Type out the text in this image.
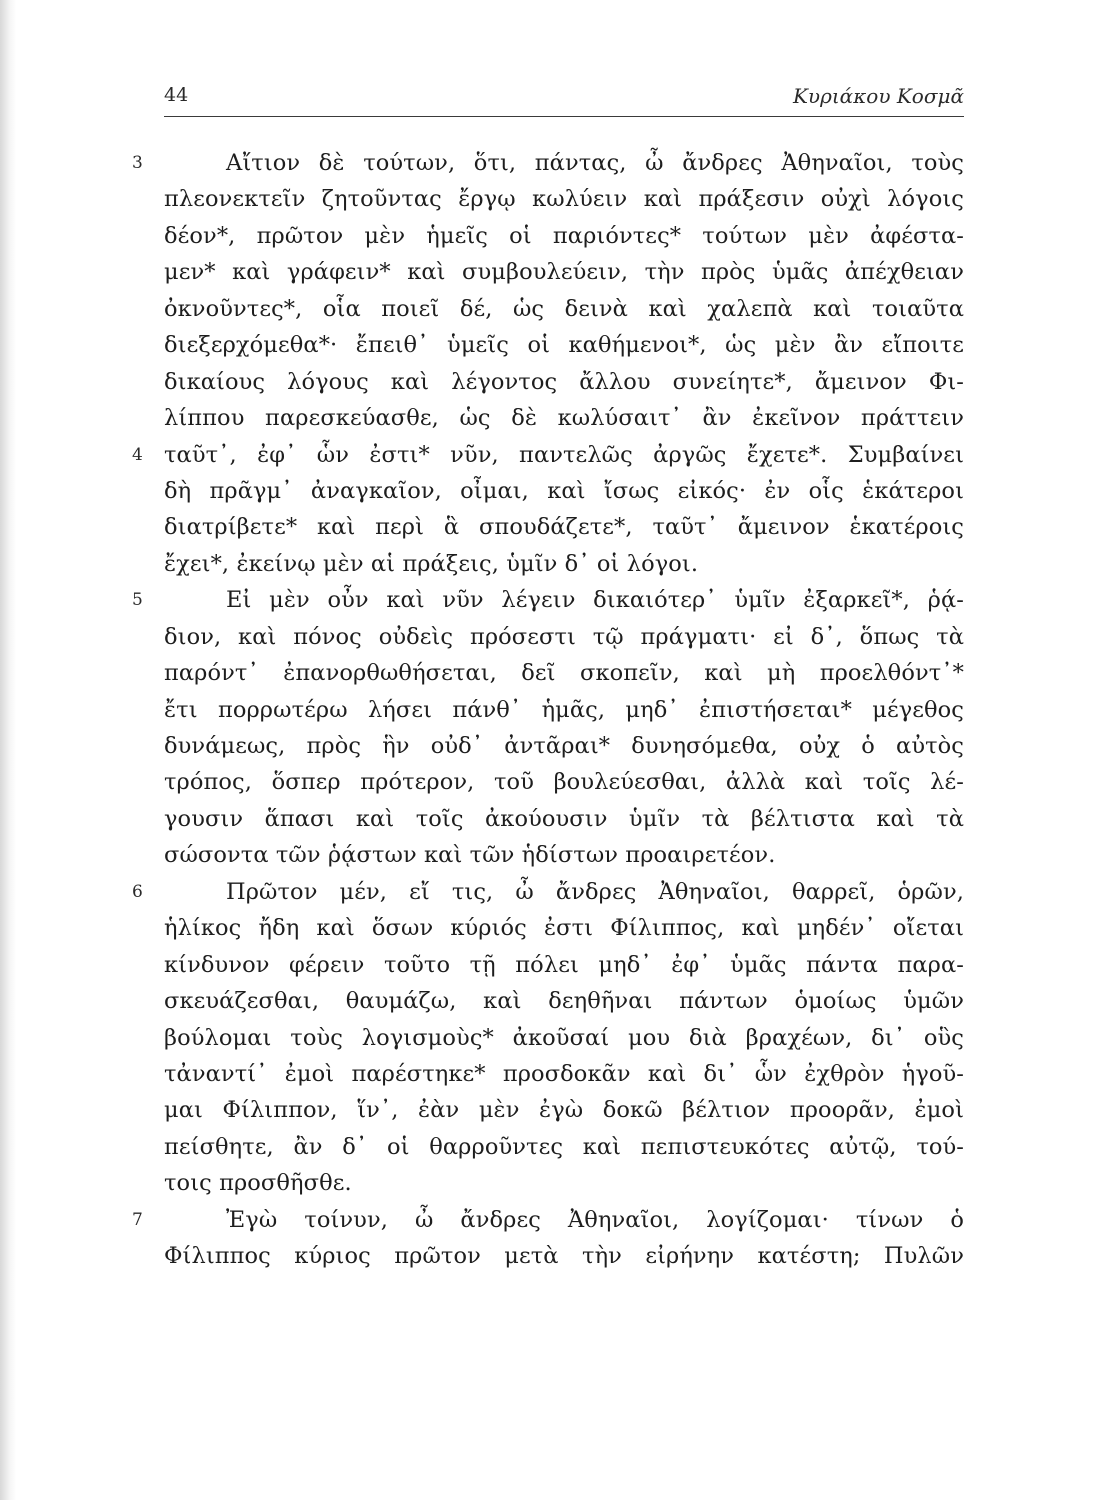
44	Κυριάκου Κοσμᾶ
3	Αἴτιον δὲ τούτων, ὅτι, πάντας, ὦ ἄνδρες Ἀθηναῖοι, τοὺς
πλεονεκτεῖν ζητοῦντας ἔργῳ κωλύειν καὶ πράξεσιν οὐχὶ λόγοις
δέον*, πρῶτον μὲν ἡμεῖς οἱ παριόντες* τούτων μὲν ἀφέστα-
μεν* καὶ γράφειν* καὶ συμβουλεύειν, τὴν πρὸς ὑμᾶς ἀπέχθειαν
ὀκνοῦντες*, οἷα ποιεῖ δέ, ὡς δεινὰ καὶ χαλεπὰ καὶ τοιαῦτα
διεξερχόμεθα*· ἔπειθ᾽ ὑμεῖς οἱ καθήμενοι*, ὡς μὲν ἂν εἴποιτε
δικαίους λόγους καὶ λέγοντος ἄλλου συνείητε*, ἄμεινον Φι-
λίππου παρεσκεύασθε, ὡς δὲ κωλύσαιτ᾽ ἂν ἐκεῖνον πράττειν
4 ταῦτ᾽, ἐφ᾽ ὧν ἐστι* νῦν, παντελῶς ἀργῶς ἔχετε*. Συμβαίνει
δὴ πρᾶγμ᾽ ἀναγκαῖον, οἶμαι, καὶ ἴσως εἰκός· ἐν οἷς ἑκάτεροι
διατρίβετε* καὶ περὶ ἃ σπουδάζετε*, ταῦτ᾽ ἄμεινον ἑκατέροις
ἔχει*, ἐκείνῳ μὲν αἱ πράξεις, ὑμῖν δ᾽ οἱ λόγοι.
5	Εἰ μὲν οὖν καὶ νῦν λέγειν δικαιότερ᾽ ὑμῖν ἐξαρκεῖ*, ῥᾴ-
διον, καὶ πόνος οὐδεὶς πρόσεστι τῷ πράγματι· εἰ δ᾽, ὅπως τὰ
παρόντ᾽ ἐπανορθωθήσεται, δεῖ σκοπεῖν, καὶ μὴ προελθόντ᾽*
ἔτι πορρωτέρω λήσει πάνθ᾽ ἡμᾶς, μηδ᾽ ἐπιστήσεται* μέγεθος
δυνάμεως, πρὸς ἣν οὐδ᾽ ἀντᾶραι* δυνησόμεθα, οὐχ ὁ αὐτὸς
τρόπος, ὅσπερ πρότερον, τοῦ βουλεύεσθαι, ἀλλὰ καὶ τοῖς λέ-
γουσιν ἅπασι καὶ τοῖς ἀκούουσιν ὑμῖν τὰ βέλτιστα καὶ τὰ
σώσοντα τῶν ῥᾴστων καὶ τῶν ἡδίστων προαιρετέον.
6	Πρῶτον μέν, εἴ τις, ὦ ἄνδρες Ἀθηναῖοι, θαρρεῖ, ὁρῶν,
ἡλίκος ἤδη καὶ ὅσων κύριός ἐστι Φίλιππος, καὶ μηδέν᾽ οἴεται
κίνδυνον φέρειν τοῦτο τῇ πόλει μηδ᾽ ἐφ᾽ ὑμᾶς πάντα παρα-
σκευάζεσθαι, θαυμάζω, καὶ δεηθῆναι πάντων ὁμοίως ὑμῶν
βούλομαι τοὺς λογισμοὺς* ἀκοῦσαί μου διὰ βραχέων, δι᾽ οὓς
τἀναντί᾽ ἐμοὶ παρέστηκε* προσδοκᾶν καὶ δι᾽ ὧν ἐχθρὸν ἡγοῦ-
μαι Φίλιππον, ἵν᾽, ἐὰν μὲν ἐγὼ δοκῶ βέλτιον προορᾶν, ἐμοὶ
πείσθητε, ἂν δ᾽ οἱ θαρροῦντες καὶ πεπιστευκότες αὐτῷ, τού-
τοις προσθῆσθε.
7	Ἐγὼ τοίνυν, ὦ ἄνδρες Ἀθηναῖοι, λογίζομαι· τίνων ὁ
Φίλιππος κύριος πρῶτον μετὰ τὴν εἰρήνην κατέστη; Πυλῶν
